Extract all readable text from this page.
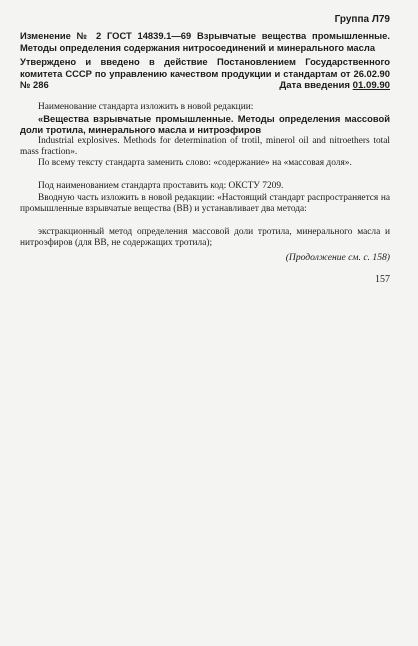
Группа Л79
Изменение № 2 ГОСТ 14839.1—69 Взрывчатые вещества промышленные. Методы определения содержания нитросоединений и минерального масла
Утверждено и введено в действие Постановлением Государственного комитета СССР по управлению качеством продукции и стандартам от 26.02.90 № 286	Дата введения 01.09.90
Наименование стандарта изложить в новой редакции:
«Вещества взрывчатые промышленные. Методы определения массовой доли тротила, минерального масла и нитроэфиров
Industrial explosives. Methods for determination of trotil, minerol oil and nitroethers total mass fraction».
По всему тексту стандарта заменить слово: «содержание» на «массовая доля».
Под наименованием стандарта проставить код: ОКСТУ 7209.
Вводную часть изложить в новой редакции: «Настоящий стандарт распространяется на промышленные взрывчатые вещества (ВВ) и устанавливает два метода:
экстракционный метод определения массовой доли тротила, минерального масла и нитроэфиров (для ВВ, не содержащих тротила);
(Продолжение см. с. 158)
157
